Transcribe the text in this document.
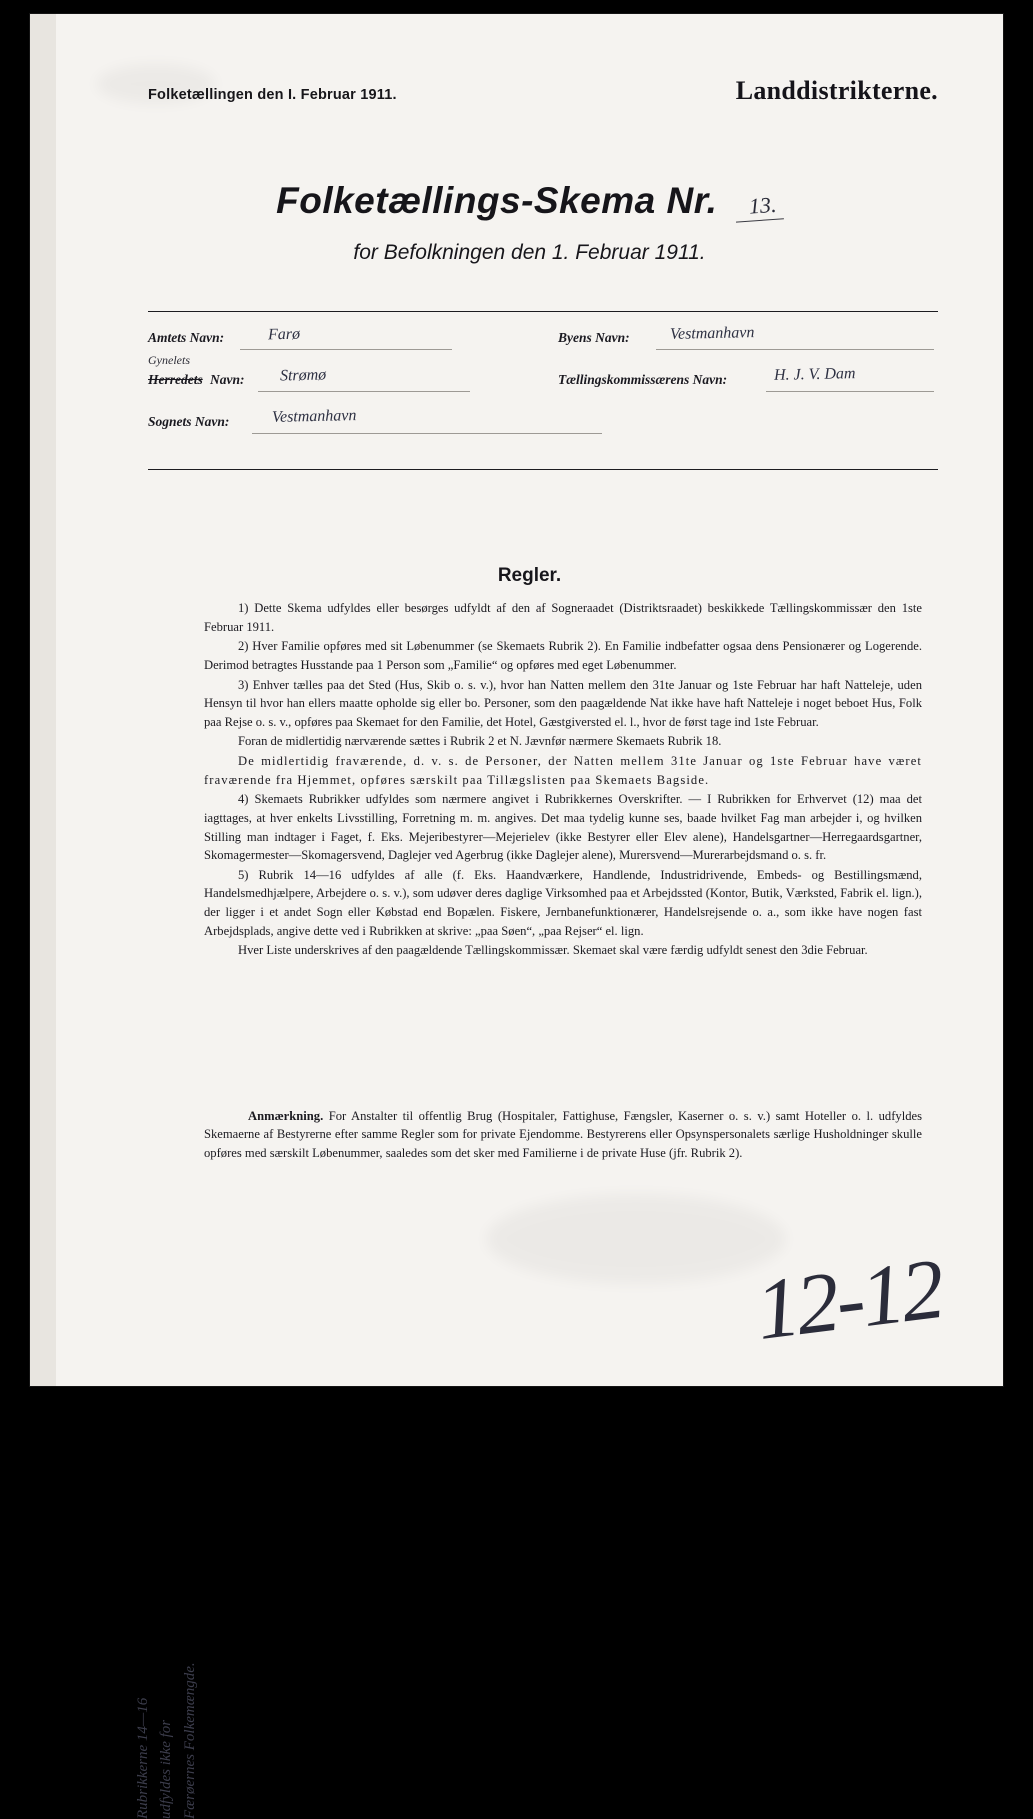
Folketællingen den I. Februar 1911.	Landdistrikterne.
Folketællings-Skema Nr. 13.
for Befolkningen den 1. Februar 1911.
Amtets Navn:	Farø	Byens Navn:	Vestmanhavn
Gynelets
Herredets Navn: Strømø	Tællingskommissærens Navn:	H. J. V. Dam
Sognets Navn:	Vestmanhavn
Regler.

1) Dette Skema udfyldes eller besørges udfyldt af den af Sogneraadet (Distriktsraadet) beskikkede Tællingskommissær den 1ste Februar 1911.

2) Hver Familie opføres med sit Løbenummer (se Skemaets Rubrik 2). En Familie indbefatter ogsaa dens Pensionærer og Logerende. Derimod betragtes Husstande paa 1 Person som „Familie“ og opføres med eget Løbenummer.

3) Enhver tælles paa det Sted (Hus, Skib o. s. v.), hvor han Natten mellem den 31te Januar og 1ste Februar har haft Natteleje, uden Hensyn til hvor han ellers maatte opholde sig eller bo. Personer, som den paagældende Nat ikke have haft Natteleje i noget beboet Hus, Folk paa Rejse o. s. v., opføres paa Skemaet for den Familie, det Hotel, Gæstgiversted el. l., hvor de først tage ind 1ste Februar.

Foran de midlertidig nærværende sættes i Rubrik 2 et N. Jævnfør nærmere Skemaets Rubrik 18.

De midlertidig fraværende, d. v. s. de Personer, der Natten mellem 31te Januar og 1ste Februar have været fraværende fra Hjemmet, opføres særskilt paa Tillægslisten paa Skemaets Bagside.

4) Skemaets Rubrikker udfyldes som nærmere angivet i Rubrikkernes Overskrifter. — I Rubrikken for Erhvervet (12) maa det iagttages, at hver enkelts Livsstilling, Forretning m. m. angives. Det maa tydelig kunne ses, baade hvilket Fag man arbejder i, og hvilken Stilling man indtager i Faget, f. Eks. Mejeribestyrer—Mejerielev (ikke Bestyrer eller Elev alene), Handelsgartner—Herregaardsgartner, Skomagermester—Skomagersvend, Daglejer ved Agerbrug (ikke Daglejer alene), Murersvend—Murerarbejdsmand o. s. fr.

5) Rubrik 14—16 udfyldes af alle (f. Eks. Haandværkere, Handlende, Industridrivende, Embeds- og Bestillingsmænd, Handelsmedhjælpere, Arbejdere o. s. v.), som udøver deres daglige Virksomhed paa et Arbejdssted (Kontor, Butik, Værksted, Fabrik el. lign.), der ligger i et andet Sogn eller Købstad end Bopælen. Fiskere, Jernbanefunktionærer, Handelsrejsende o. a., som ikke have nogen fast Arbejdsplads, angive dette ved i Rubrikken at skrive: „paa Søen“, „paa Rejser“ el. lign.

Hver Liste underskrives af den paagældende Tællingskommissær. Skemaet skal være færdig udfyldt senest den 3die Februar.

Anmærkning. For Anstalter til offentlig Brug (Hospitaler, Fattighuse, Fængsler, Kaserner o. s. v.) samt Hoteller o. l. udfyldes Skemaerne af Bestyrerne efter samme Regler som for private Ejendomme. Bestyrerens eller Opsynspersonalets særlige Husholdninger skulle opføres med særskilt Løbenummer, saaledes som det sker med Familierne i de private Huse (jfr. Rubrik 2).
Rubrikkerne 14—16 udfyldes ikke for Færøernes Folkemængde.
12-12
